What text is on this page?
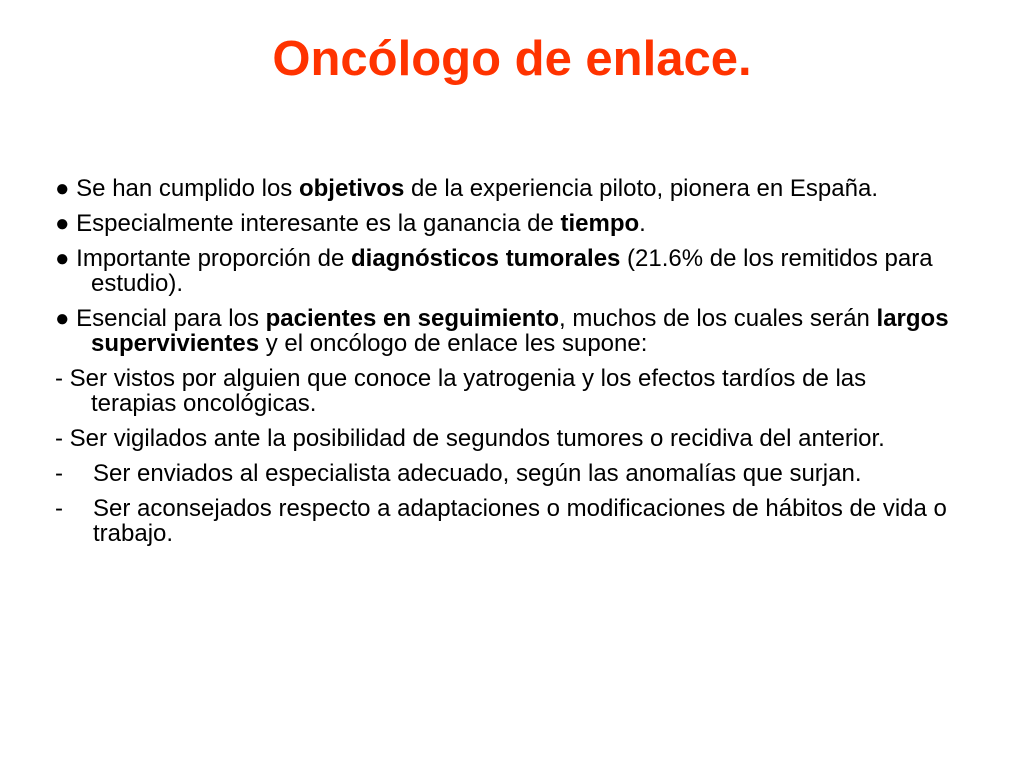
Oncólogo de enlace.

● Se han cumplido los objetivos de la experiencia piloto, pionera en España.

● Especialmente interesante es la ganancia de tiempo.

● Importante proporción de diagnósticos tumorales (21.6% de los remitidos para estudio).

● Esencial para los pacientes en seguimiento, muchos de los cuales serán largos supervivientes y el oncólogo de enlace les supone:

- Ser vistos por alguien que conoce la yatrogenia y los efectos tardíos de las terapias oncológicas.

- Ser vigilados ante la posibilidad de segundos tumores o recidiva del anterior.

- Ser enviados al especialista adecuado, según las anomalías que surjan.

- Ser aconsejados respecto a adaptaciones o modificaciones de hábitos de vida o trabajo.
